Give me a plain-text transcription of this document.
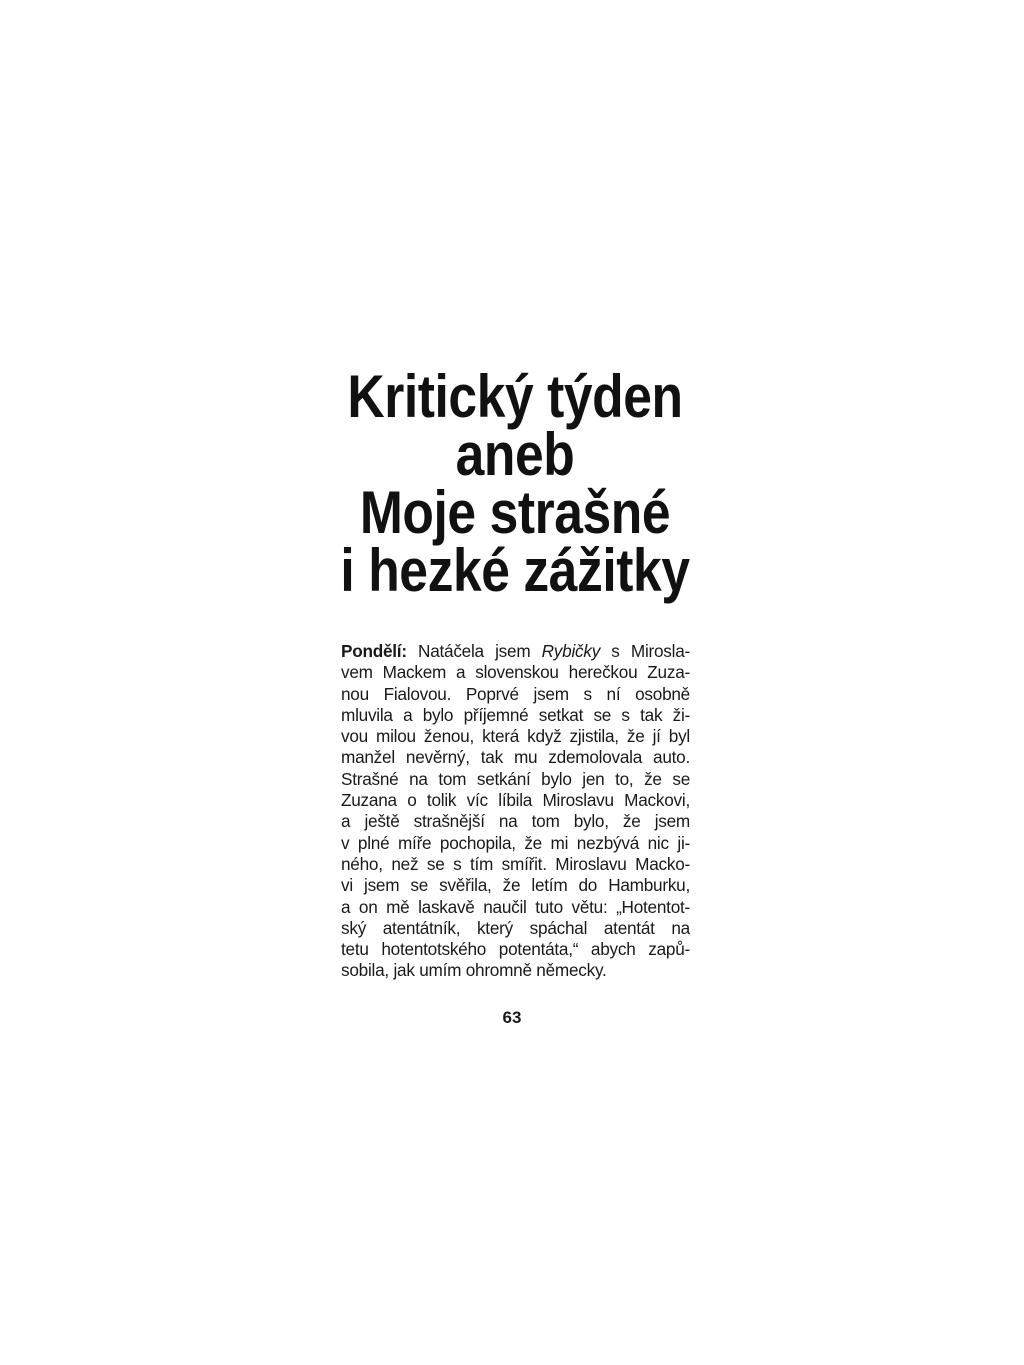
Kritický týden
aneb
Moje strašné
i hezké zážitky
Pondělí: Natáčela jsem Rybičky s Mirosla-
vem Mackem a slovenskou herečkou Zuza-
nou Fialovou. Poprvé jsem s ní osobně
mluvila a bylo příjemné setkat se s tak ži-
vou milou ženou, která když zjistila, že jí byl
manžel nevěrný, tak mu zdemolovala auto.
Strašné na tom setkání bylo jen to, že se
Zuzana o tolik víc líbila Miroslavu Mackovi,
a ještě strašnější na tom bylo, že jsem
v plné míře pochopila, že mi nezbývá nic ji-
ného, než se s tím smířit. Miroslavu Macko-
vi jsem se svěřila, že letím do Hamburku,
a on mě laskavě naučil tuto větu: „Hotentot-
ský atentátník, který spáchal atentát na
tetu hotentotského potentáta,“ abych zapů-
sobila, jak umím ohromně německy.
63
